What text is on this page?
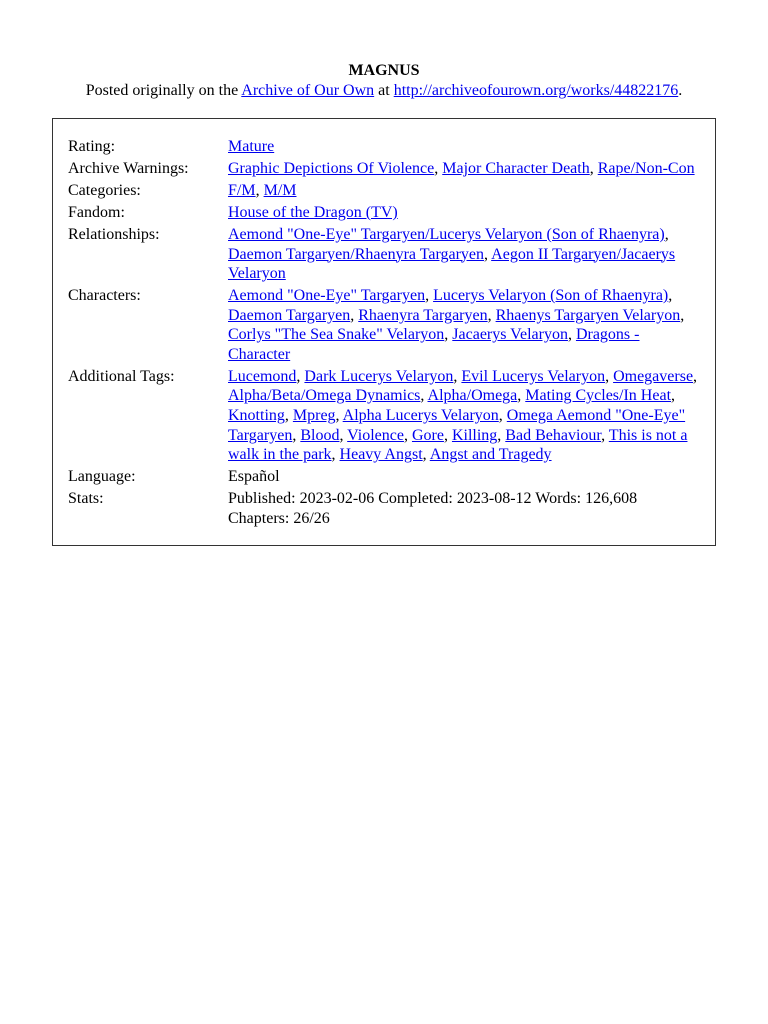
MAGNUS
Posted originally on the Archive of Our Own at http://archiveofourown.org/works/44822176.
Rating:	Mature
Archive Warnings:	Graphic Depictions Of Violence, Major Character Death, Rape/Non-Con
Categories:	F/M, M/M
Fandom:	House of the Dragon (TV)
Relationships:	Aemond "One-Eye" Targaryen/Lucerys Velaryon (Son of Rhaenyra), Daemon Targaryen/Rhaenyra Targaryen, Aegon II Targaryen/Jacaerys Velaryon
Characters:	Aemond "One-Eye" Targaryen, Lucerys Velaryon (Son of Rhaenyra), Daemon Targaryen, Rhaenyra Targaryen, Rhaenys Targaryen Velaryon, Corlys "The Sea Snake" Velaryon, Jacaerys Velaryon, Dragons - Character
Additional Tags:	Lucemond, Dark Lucerys Velaryon, Evil Lucerys Velaryon, Omegaverse, Alpha/Beta/Omega Dynamics, Alpha/Omega, Mating Cycles/In Heat, Knotting, Mpreg, Alpha Lucerys Velaryon, Omega Aemond "One-Eye" Targaryen, Blood, Violence, Gore, Killing, Bad Behaviour, This is not a walk in the park, Heavy Angst, Angst and Tragedy
Language:	Español
Stats:	Published: 2023-02-06 Completed: 2023-08-12 Words: 126,608 Chapters: 26/26
